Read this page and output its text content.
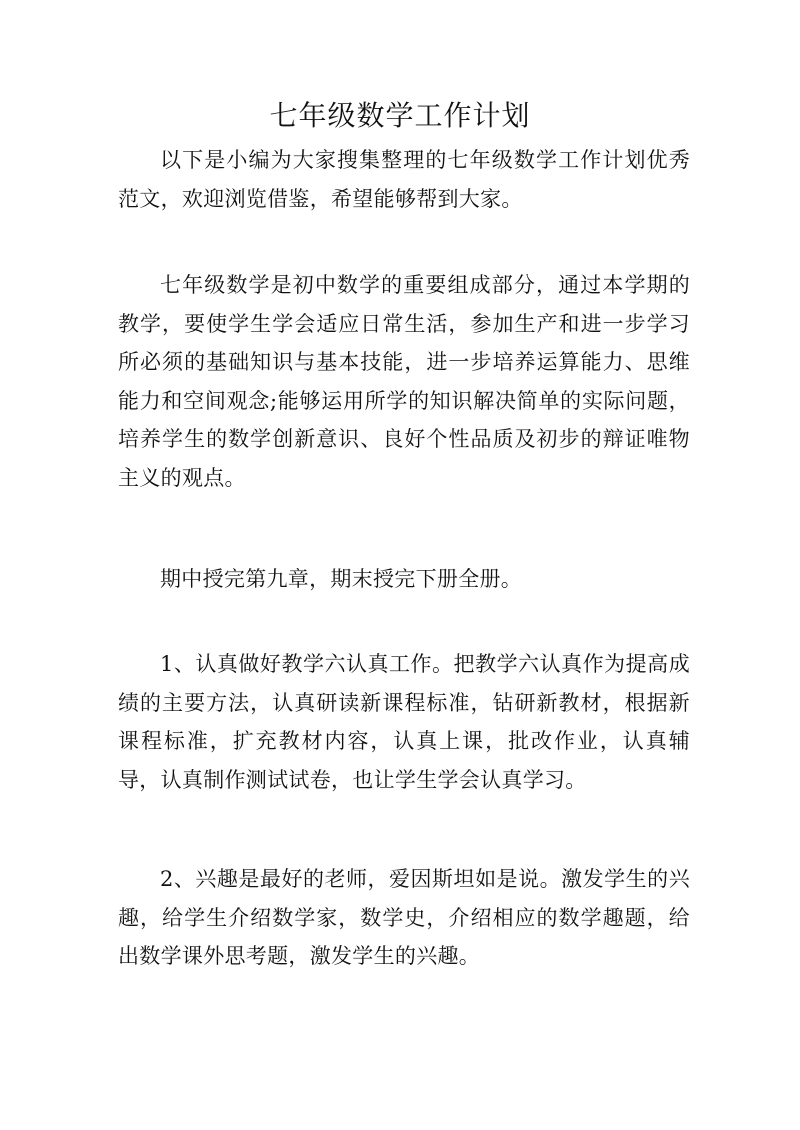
七年级数学工作计划
以下是小编为大家搜集整理的七年级数学工作计划优秀范文，欢迎浏览借鉴，希望能够帮到大家。
七年级数学是初中数学的重要组成部分，通过本学期的教学，要使学生学会适应日常生活，参加生产和进一步学习所必须的基础知识与基本技能，进一步培养运算能力、思维能力和空间观念;能够运用所学的知识解决简单的实际问题，培养学生的数学创新意识、良好个性品质及初步的辩证唯物主义的观点。
期中授完第九章，期末授完下册全册。
1、认真做好教学六认真工作。把教学六认真作为提高成绩的主要方法，认真研读新课程标准，钻研新教材，根据新课程标准，扩充教材内容，认真上课，批改作业，认真辅导，认真制作测试试卷，也让学生学会认真学习。
2、兴趣是最好的老师，爱因斯坦如是说。激发学生的兴趣，给学生介绍数学家，数学史，介绍相应的数学趣题，给出数学课外思考题，激发学生的兴趣。
